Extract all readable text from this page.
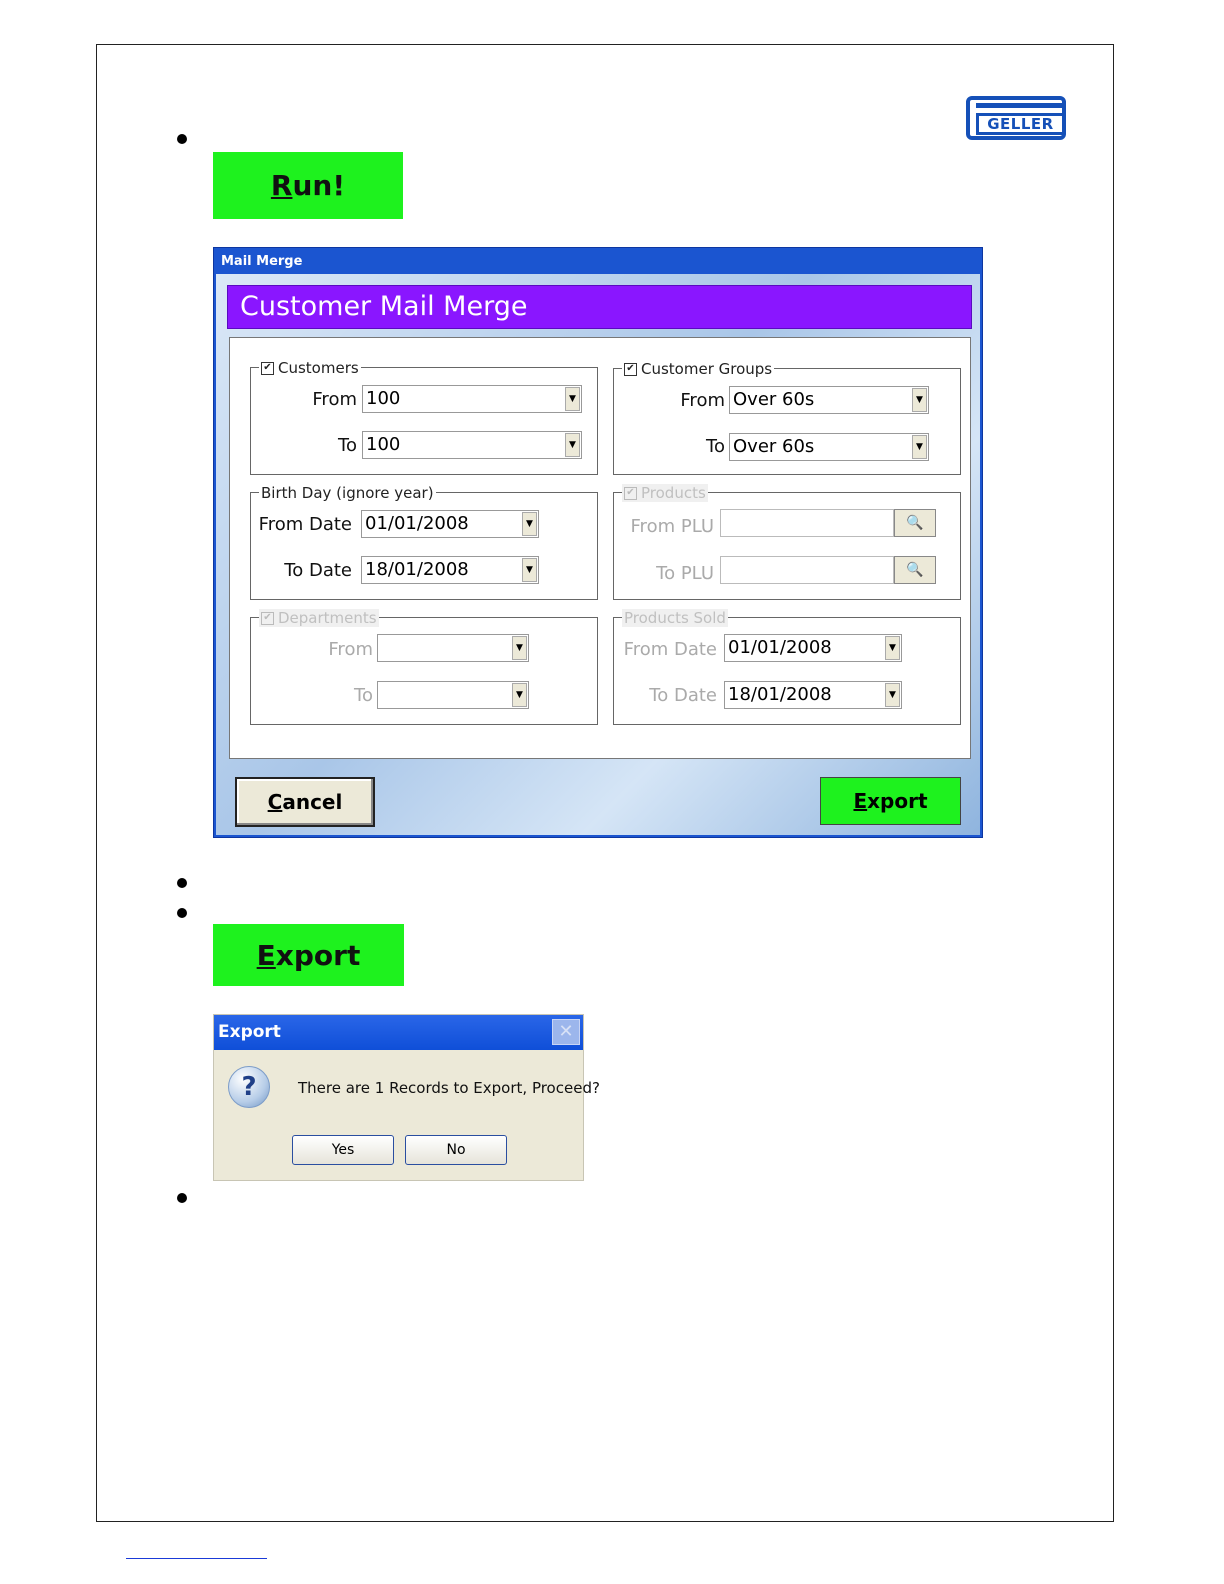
GELLER
R un!
Mail Merge
Customer Mail Merge
✔ Customers
From 100	▼
To 100	▼
✔ Customer Groups
From Over 60s	▼
To Over 60s	▼
Birth Day (ignore year)
From Date 01/01/2008	▼
To Date 18/01/2008	▼
✔ Products
From PLU	🔍
To PLU	🔍
✔ Departments
From	▼
To	▼
Products Sold
From Date 01/01/2008	▼
To Date 18/01/2008	▼
C ancel	E xport
E xport
Export	✕
?	There are 1 Records to Export, Proceed?
Yes	No
